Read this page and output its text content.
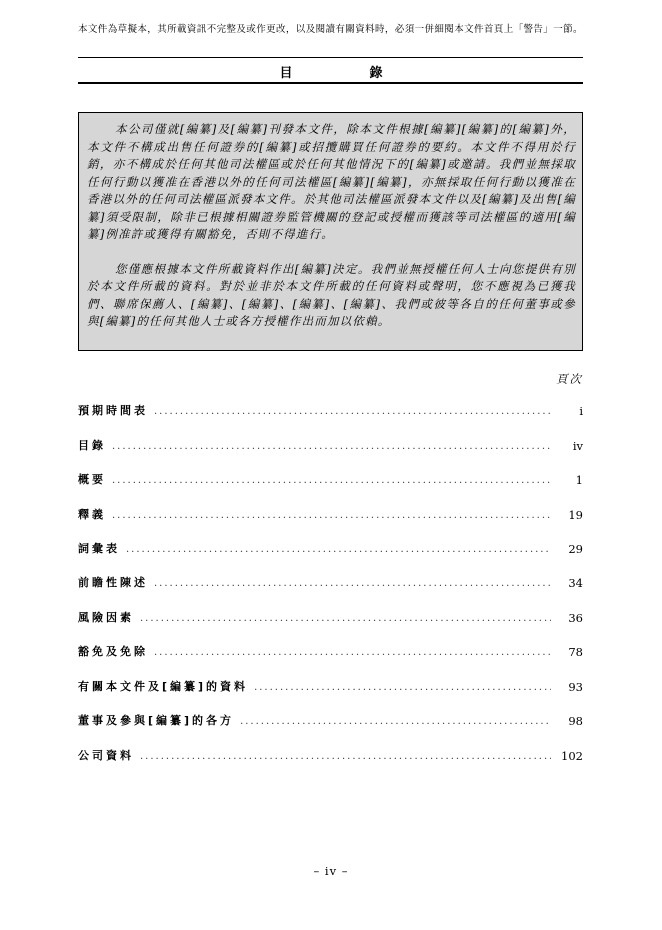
本文件為草擬本，其所載資訊不完整及或作更改，以及閱讀有關資料時，必須一併細閱本文件首頁上「警告」一節。
目　錄

本公司僅就[編纂]及[編纂]刊發本文件，除本文件根據[編纂][編纂]的[編纂]外，本文件不構成出售任何證券的[編纂]或招攬購買任何證券的要約。本文件不得用於行銷，亦不構成於任何其他司法權區或於任何其他情況下的[編纂]或邀請。我們並無採取任何行動以獲准在香港以外的任何司法權區[編纂][編纂]，亦無採取任何行動以獲准在香港以外的任何司法權區派發本文件。於其他司法權區派發本文件以及[編纂]及出售[編纂]須受限制，除非已根據相關證券監管機關的登記或授權而獲該等司法權區的適用[編纂]例准許或獲得有關豁免，否則不得進行。

您僅應根據本文件所載資料作出[編纂]決定。我們並無授權任何人士向您提供有別於本文件所載的資料。對於並非於本文件所載的任何資料或聲明，您不應視為已獲我們、聯席保薦人、[編纂]、[編纂]、[編纂]、[編纂]、我們或彼等各自的任何董事或參與[編纂]的任何其他人士或各方授權作出而加以依賴。

頁次
預期時間表 .....	i
目錄 .....	iv
概要 .....	1
釋義 .....	19
詞彙表 .....	29
前瞻性陳述 .....	34
風險因素 .....	36
豁免及免除 .....	78
有關本文件及[編纂]的資料 .....	93
董事及參與[編纂]的各方 .....	98
公司資料 .....	102
– iv –
